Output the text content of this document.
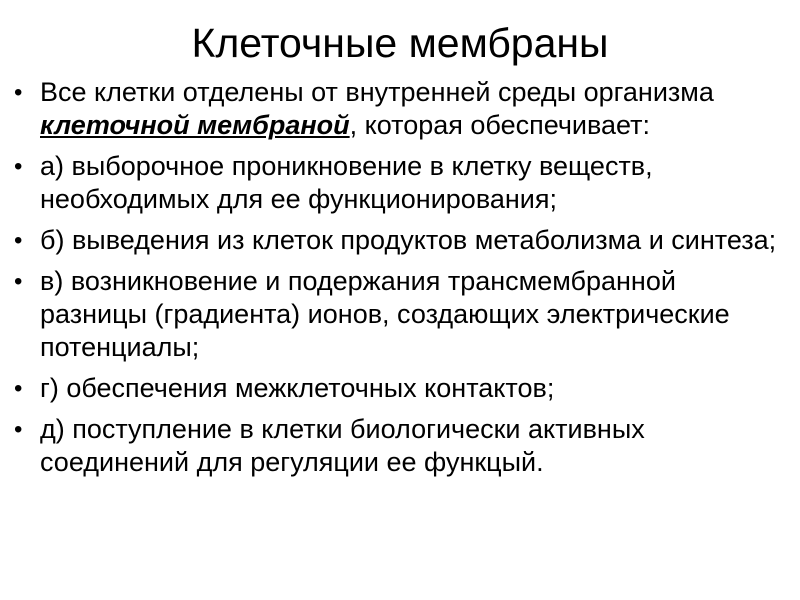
Клеточные мембраны
• Все клетки отделены от внутренней среды организма клеточной мембраной, которая обеспечивает:
• а) выборочное проникновение в клетку веществ, необходимых для ее функционирования;
• б) выведения из клеток продуктов метаболизма и синтеза;
• в) возникновение и подержания трансмембранной разницы (градиента) ионов, создающих электрические потенциалы;
• г) обеспечения межклеточных контактов;
• д) поступление в клетки биологически активных соединений для регуляции ее функцый.
